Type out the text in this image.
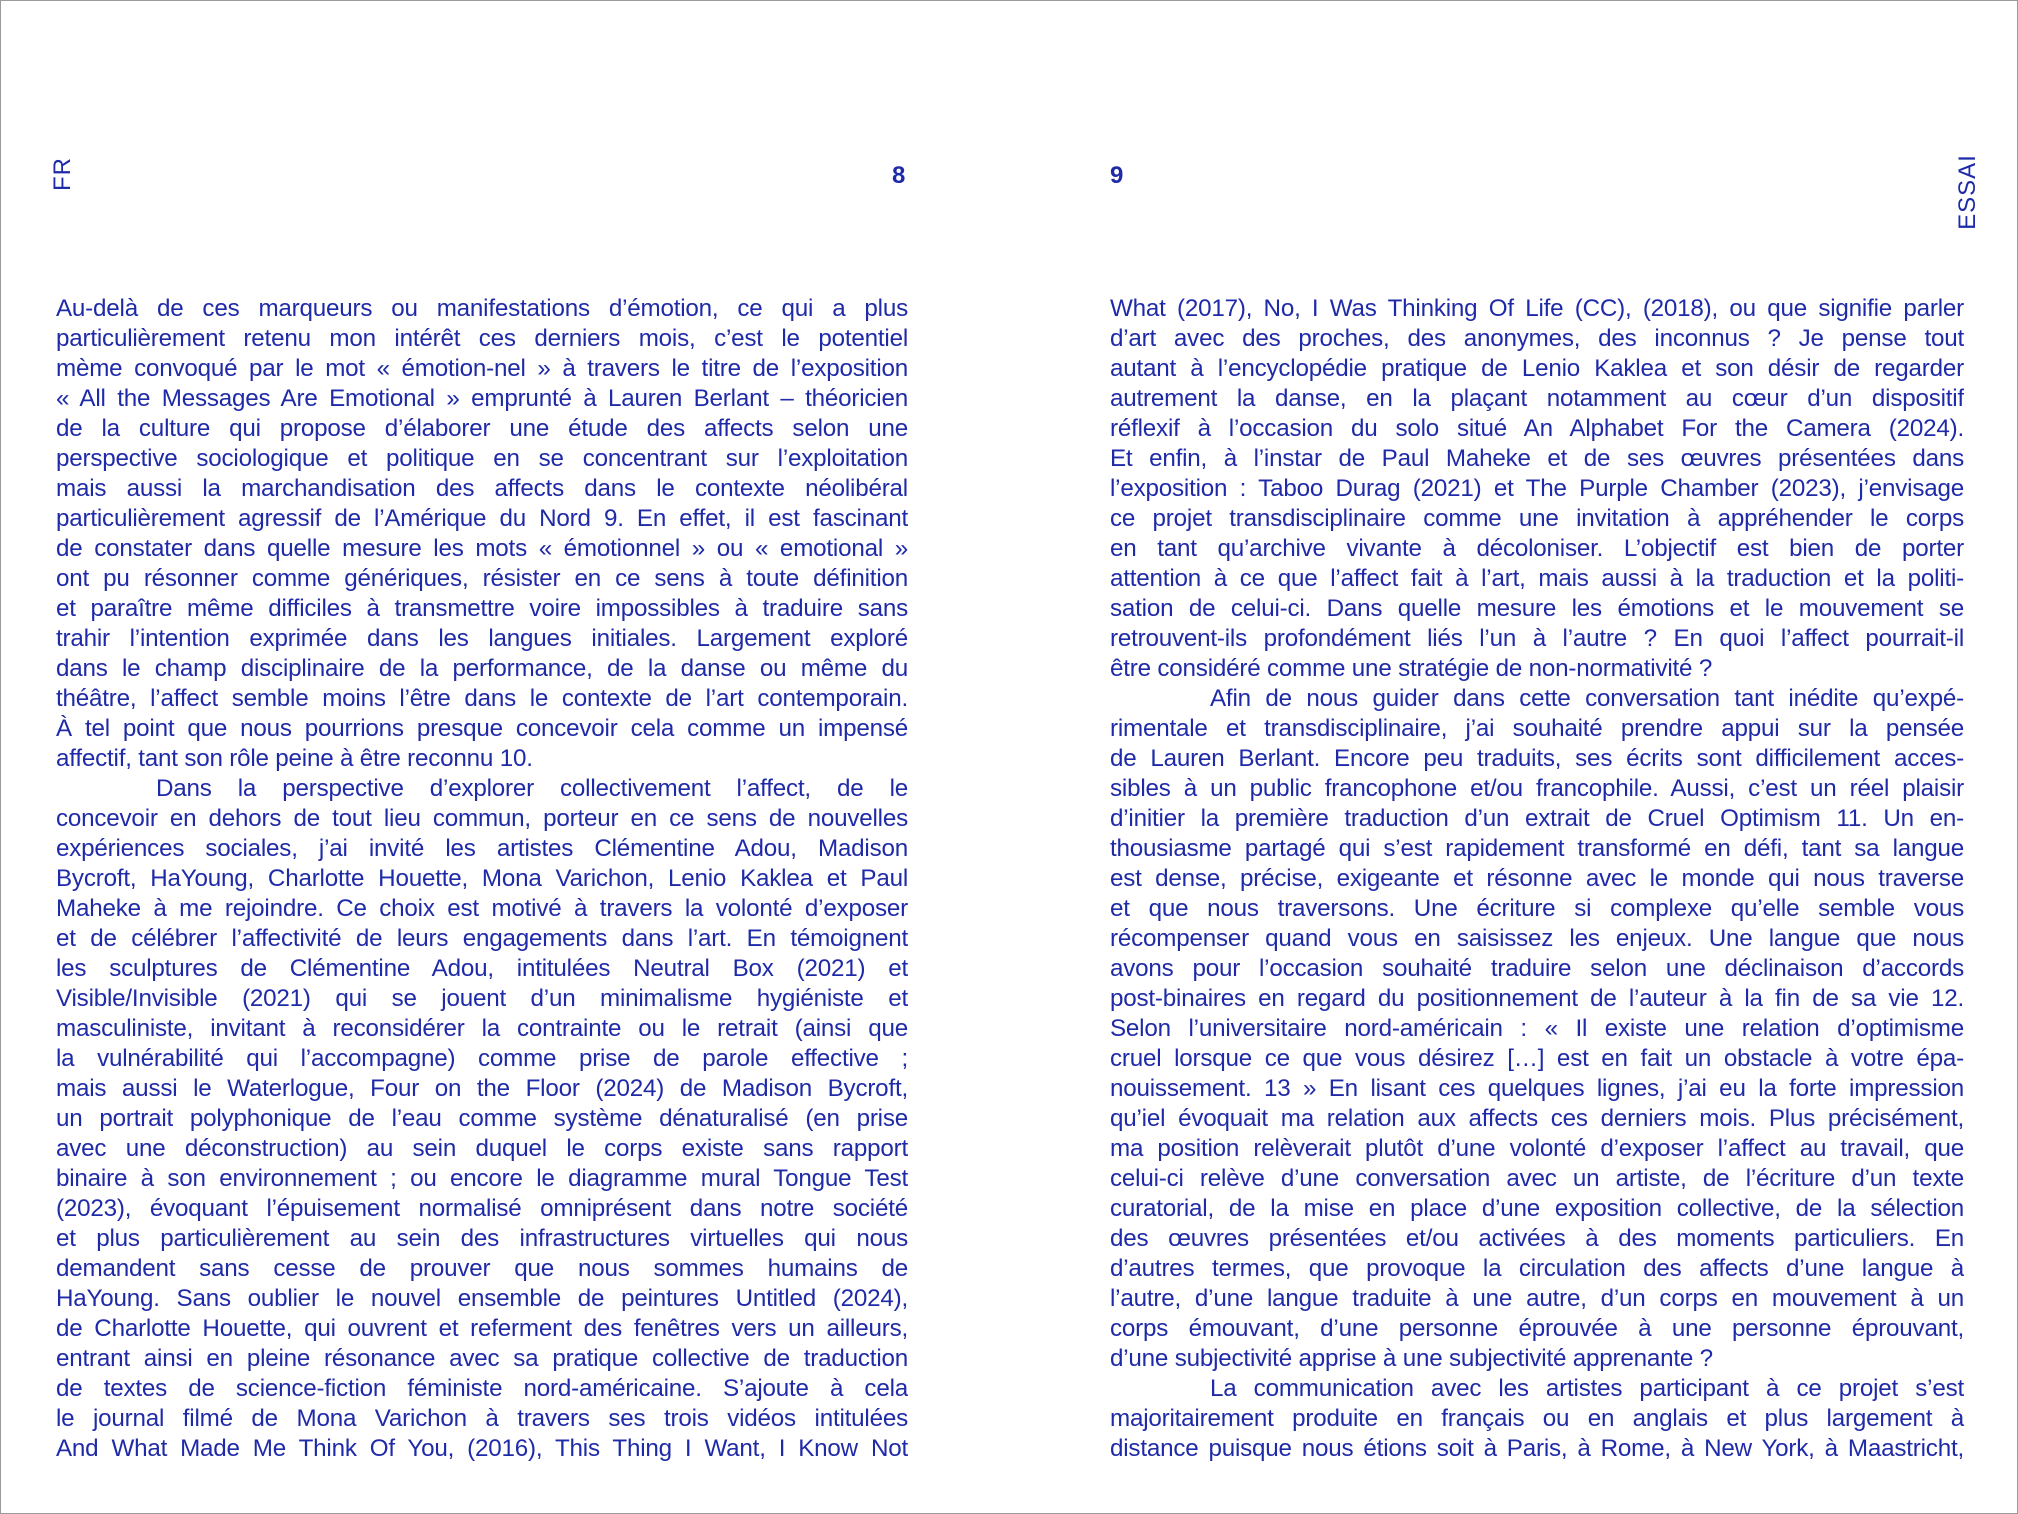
FR	8	9	ESSAI
Au-delà de ces marqueurs ou manifestations d’émotion, ce qui a plus
particulièrement retenu mon intérêt ces derniers mois, c’est le potentiel
mème convoqué par le mot « émotion-nel » à travers le titre de l’exposition
« All the Messages Are Emotional » emprunté à Lauren Berlant – théoricien
de la culture qui propose d’élaborer une étude des affects selon une
perspective sociologique et politique en se concentrant sur l’exploitation
mais aussi la marchandisation des affects dans le contexte néolibéral
particulièrement agressif de l’Amérique du Nord 9. En effet, il est fascinant
de constater dans quelle mesure les mots « émotionnel » ou « emotional »
ont pu résonner comme génériques, résister en ce sens à toute définition
et paraître même difficiles à transmettre voire impossibles à traduire sans
trahir l’intention exprimée dans les langues initiales. Largement exploré
dans le champ disciplinaire de la performance, de la danse ou même du
théâtre, l’affect semble moins l’être dans le contexte de l’art contemporain.
À tel point que nous pourrions presque concevoir cela comme un impensé
affectif, tant son rôle peine à être reconnu 10.
Dans la perspective d’explorer collectivement l’affect, de le
concevoir en dehors de tout lieu commun, porteur en ce sens de nouvelles
expériences sociales, j’ai invité les artistes Clémentine Adou, Madison
Bycroft, HaYoung, Charlotte Houette, Mona Varichon, Lenio Kaklea et Paul
Maheke à me rejoindre. Ce choix est motivé à travers la volonté d’exposer
et de célébrer l’affectivité de leurs engagements dans l’art. En témoignent
les sculptures de Clémentine Adou, intitulées Neutral Box (2021) et
Visible/Invisible (2021) qui se jouent d’un minimalisme hygiéniste et
masculiniste, invitant à reconsidérer la contrainte ou le retrait (ainsi que
la vulnérabilité qui l’accompagne) comme prise de parole effective ;
mais aussi le Waterlogue, Four on the Floor (2024) de Madison Bycroft,
un portrait polyphonique de l’eau comme système dénaturalisé (en prise
avec une déconstruction) au sein duquel le corps existe sans rapport
binaire à son environnement ; ou encore le diagramme mural Tongue Test
(2023), évoquant l’épuisement normalisé omniprésent dans notre société
et plus particulièrement au sein des infrastructures virtuelles qui nous
demandent sans cesse de prouver que nous sommes humains de
HaYoung. Sans oublier le nouvel ensemble de peintures Untitled (2024),
de Charlotte Houette, qui ouvrent et referment des fenêtres vers un ailleurs,
entrant ainsi en pleine résonance avec sa pratique collective de traduction
de textes de science-fiction féministe nord-américaine. S’ajoute à cela
le journal filmé de Mona Varichon à travers ses trois vidéos intitulées
And What Made Me Think Of You, (2016), This Thing I Want, I Know Not
What (2017), No, I Was Thinking Of Life (CC), (2018), ou que signifie parler
d’art avec des proches, des anonymes, des inconnus ? Je pense tout
autant à l’encyclopédie pratique de Lenio Kaklea et son désir de regarder
autrement la danse, en la plaçant notamment au cœur d’un dispositif
réflexif à l’occasion du solo situé An Alphabet For the Camera (2024).
Et enfin, à l’instar de Paul Maheke et de ses œuvres présentées dans
l’exposition : Taboo Durag (2021) et The Purple Chamber (2023), j’envisage
ce projet transdisciplinaire comme une invitation à appréhender le corps
en tant qu’archive vivante à décoloniser. L’objectif est bien de porter
attention à ce que l’affect fait à l’art, mais aussi à la traduction et la politi-
sation de celui-ci. Dans quelle mesure les émotions et le mouvement se
retrouvent-ils profondément liés l’un à l’autre ? En quoi l’affect pourrait-il
être considéré comme une stratégie de non-normativité ?
Afin de nous guider dans cette conversation tant inédite qu’expé-
rimentale et transdisciplinaire, j’ai souhaité prendre appui sur la pensée
de Lauren Berlant. Encore peu traduits, ses écrits sont difficilement acces-
sibles à un public francophone et/ou francophile. Aussi, c’est un réel plaisir
d’initier la première traduction d’un extrait de Cruel Optimism 11. Un en-
thousiasme partagé qui s’est rapidement transformé en défi, tant sa langue
est dense, précise, exigeante et résonne avec le monde qui nous traverse
et que nous traversons. Une écriture si complexe qu’elle semble vous
récompenser quand vous en saisissez les enjeux. Une langue que nous
avons pour l’occasion souhaité traduire selon une déclinaison d’accords
post-binaires en regard du positionnement de l’auteur à la fin de sa vie 12.
Selon l’universitaire nord-américain : « Il existe une relation d’optimisme
cruel lorsque ce que vous désirez […] est en fait un obstacle à votre épa-
nouissement. 13 » En lisant ces quelques lignes, j’ai eu la forte impression
qu’iel évoquait ma relation aux affects ces derniers mois. Plus précisément,
ma position relèverait plutôt d’une volonté d’exposer l’affect au travail, que
celui-ci relève d’une conversation avec un artiste, de l’écriture d’un texte
curatorial, de la mise en place d’une exposition collective, de la sélection
des œuvres présentées et/ou activées à des moments particuliers. En
d’autres termes, que provoque la circulation des affects d’une langue à
l’autre, d’une langue traduite à une autre, d’un corps en mouvement à un
corps émouvant, d’une personne éprouvée à une personne éprouvant,
d’une subjectivité apprise à une subjectivité apprenante ?
La communication avec les artistes participant à ce projet s’est
majoritairement produite en français ou en anglais et plus largement à
distance puisque nous étions soit à Paris, à Rome, à New York, à Maastricht,
